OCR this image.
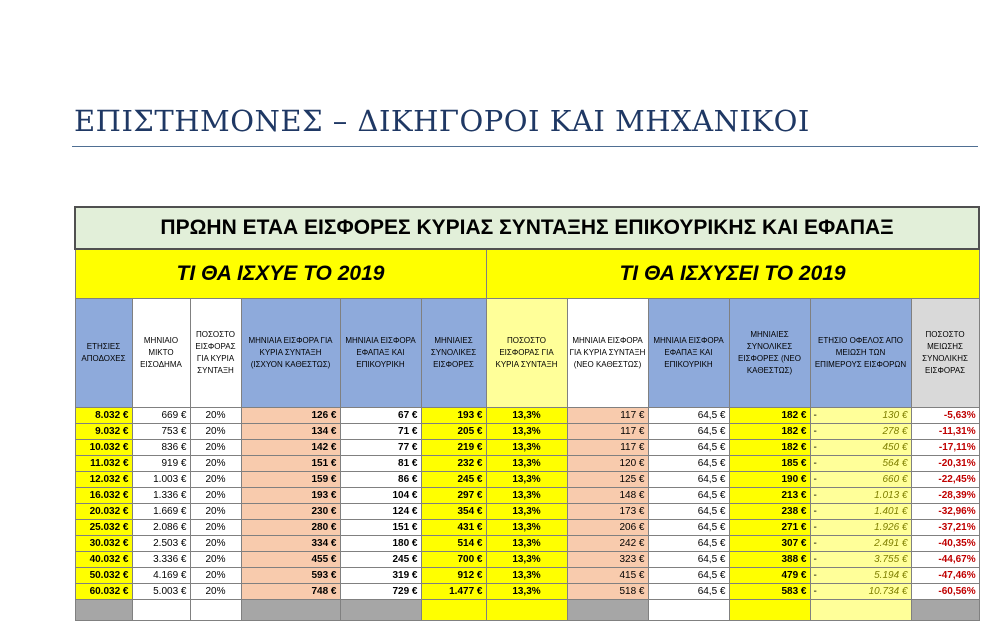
ΕΠΙΣΤΗΜΟΝΕΣ – ΔΙΚΗΓΟΡΟΙ ΚΑΙ ΜΗΧΑΝΙΚΟΙ
ΠΡΩΗΝ ΕΤΑΑ ΕΙΣΦΟΡΕΣ ΚΥΡΙΑΣ ΣΥΝΤΑΞΗΣ ΕΠΙΚΟΥΡΙΚΗΣ ΚΑΙ ΕΦΑΠΑΞ											
ΤΙ ΘΑ ΙΣΧΥΕ ΤΟ 2019						ΤΙ ΘΑ ΙΣΧΥΣΕΙ ΤΟ 2019					
ΕΤΗΣΙΕΣ ΑΠΟΔΟΧΕΣ	ΜΗΝΙΑΙΟ ΜΙΚΤΟ ΕΙΣΟΔΗΜΑ	ΠΟΣΟΣΤΟ ΕΙΣΦΟΡΑΣ ΓΙΑ ΚΥΡΙΑ ΣΥΝΤΑΞΗ	ΜΗΝΙΑΙΑ ΕΙΣΦΟΡΑ ΓΙΑ ΚΥΡΙΑ ΣΥΝΤΑΞΗ (ΙΣΧΥΟΝ ΚΑΘΕΣΤΩΣ)	ΜΗΝΙΑΙΑ ΕΙΣΦΟΡΑ ΕΦΑΠΑΞ ΚΑΙ ΕΠΙΚΟΥΡΙΚΗ	ΜΗΝΙΑΙΕΣ ΣΥΝΟΛΙΚΕΣ ΕΙΣΦΟΡΕΣ	ΠΟΣΟΣΤΟ ΕΙΣΦΟΡΑΣ ΓΙΑ ΚΥΡΙΑ ΣΥΝΤΑΞΗ	ΜΗΝΙΑΙΑ ΕΙΣΦΟΡΑ ΓΙΑ ΚΥΡΙΑ ΣΥΝΤΑΞΗ (ΝΕΟ ΚΑΘΕΣΤΩΣ)	ΜΗΝΙΑΙΑ ΕΙΣΦΟΡΑ ΕΦΑΠΑΞ ΚΑΙ ΕΠΙΚΟΥΡΙΚΗ	ΜΗΝΙΑΙΕΣ ΣΥΝΟΛΙΚΕΣ ΕΙΣΦΟΡΕΣ (ΝΕΟ ΚΑΘΕΣΤΩΣ)	ΕΤΗΣΙΟ ΟΦΕΛΟΣ ΑΠΟ ΜΕΙΩΣΗ ΤΩΝ ΕΠΙΜΕΡΟΥΣ ΕΙΣΦΟΡΩΝ	ΠΟΣΟΣΤΟ ΜΕΙΩΣΗΣ ΣΥΝΟΛΙΚΗΣ ΕΙΣΦΟΡΑΣ
8.032 €	669 €	20%	126 €	67 €	193 €	13,3%	117 €	64,5 €	182 €	- 130 €	-5,63%
9.032 €	753 €	20%	134 €	71 €	205 €	13,3%	117 €	64,5 €	182 €	- 278 €	-11,31%
10.032 €	836 €	20%	142 €	77 €	219 €	13,3%	117 €	64,5 €	182 €	- 450 €	-17,11%
11.032 €	919 €	20%	151 €	81 €	232 €	13,3%	120 €	64,5 €	185 €	- 564 €	-20,31%
12.032 €	1.003 €	20%	159 €	86 €	245 €	13,3%	125 €	64,5 €	190 €	- 660 €	-22,45%
16.032 €	1.336 €	20%	193 €	104 €	297 €	13,3%	148 €	64,5 €	213 €	- 1.013 €	-28,39%
20.032 €	1.669 €	20%	230 €	124 €	354 €	13,3%	173 €	64,5 €	238 €	- 1.401 €	-32,96%
25.032 €	2.086 €	20%	280 €	151 €	431 €	13,3%	206 €	64,5 €	271 €	- 1.926 €	-37,21%
30.032 €	2.503 €	20%	334 €	180 €	514 €	13,3%	242 €	64,5 €	307 €	- 2.491 €	-40,35%
40.032 €	3.336 €	20%	455 €	245 €	700 €	13,3%	323 €	64,5 €	388 €	- 3.755 €	-44,67%
50.032 €	4.169 €	20%	593 €	319 €	912 €	13,3%	415 €	64,5 €	479 €	- 5.194 €	-47,46%
60.032 €	5.003 €	20%	748 €	729 €	1.477 €	13,3%	518 €	64,5 €	583 €	- 10.734 €	-60,56%
